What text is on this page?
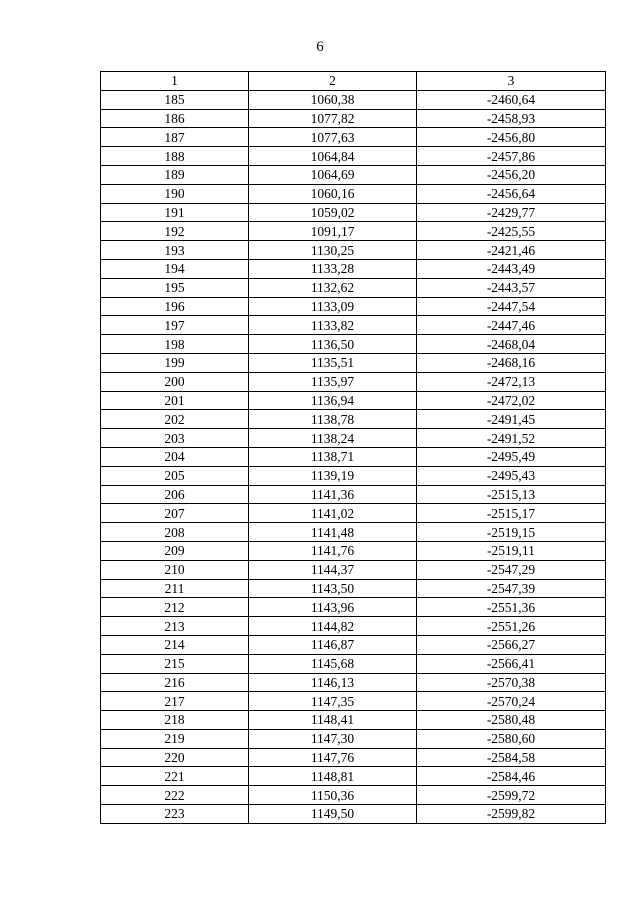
6
1	2	3
185	1060,38	-2460,64
186	1077,82	-2458,93
187	1077,63	-2456,80
188	1064,84	-2457,86
189	1064,69	-2456,20
190	1060,16	-2456,64
191	1059,02	-2429,77
192	1091,17	-2425,55
193	1130,25	-2421,46
194	1133,28	-2443,49
195	1132,62	-2443,57
196	1133,09	-2447,54
197	1133,82	-2447,46
198	1136,50	-2468,04
199	1135,51	-2468,16
200	1135,97	-2472,13
201	1136,94	-2472,02
202	1138,78	-2491,45
203	1138,24	-2491,52
204	1138,71	-2495,49
205	1139,19	-2495,43
206	1141,36	-2515,13
207	1141,02	-2515,17
208	1141,48	-2519,15
209	1141,76	-2519,11
210	1144,37	-2547,29
211	1143,50	-2547,39
212	1143,96	-2551,36
213	1144,82	-2551,26
214	1146,87	-2566,27
215	1145,68	-2566,41
216	1146,13	-2570,38
217	1147,35	-2570,24
218	1148,41	-2580,48
219	1147,30	-2580,60
220	1147,76	-2584,58
221	1148,81	-2584,46
222	1150,36	-2599,72
223	1149,50	-2599,82
